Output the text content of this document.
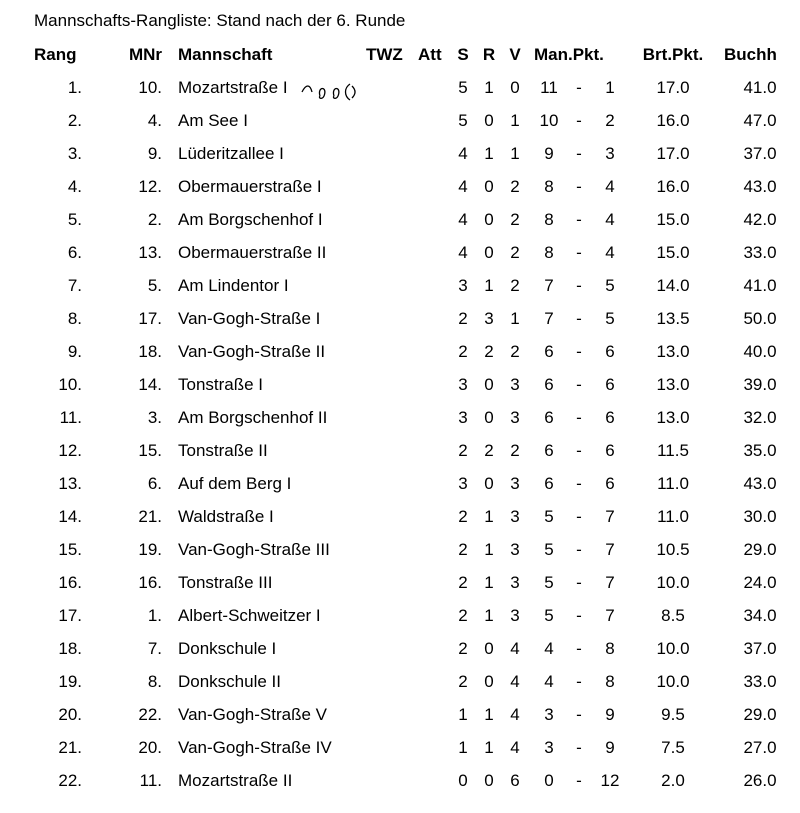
Mannschafts-Rangliste: Stand nach der 6. Runde
Rang	MNr Mannschaft	TWZ Att S R V Man.Pkt.	Brt.Pkt. Buchh
1.	10. Mozartstraße I	5 1 0	11	-	1	17.0	41.0
2.	4. Am See I	5 0 1	10	-	2	16.0	47.0
3.	9. Lüderitzallee I	4 1 1	9	-	3	17.0	37.0
4.	12. Obermauerstraße I	4 0 2	8	-	4	16.0	43.0
5.	2. Am Borgschenhof I	4 0 2	8	-	4	15.0	42.0
6.	13. Obermauerstraße II	4 0 2	8	-	4	15.0	33.0
7.	5. Am Lindentor I	3 1 2	7	-	5	14.0	41.0
8.	17. Van-Gogh-Straße I	2 3 1	7	-	5	13.5	50.0
9.	18. Van-Gogh-Straße II	2 2 2	6	-	6	13.0	40.0
10.	14. Tonstraße I	3 0 3	6	-	6	13.0	39.0
11.	3. Am Borgschenhof II	3 0 3	6	-	6	13.0	32.0
12.	15. Tonstraße II	2 2 2	6	-	6	11.5	35.0
13.	6. Auf dem Berg I	3 0 3	6	-	6	11.0	43.0
14.	21. Waldstraße I	2 1 3	5	-	7	11.0	30.0
15.	19. Van-Gogh-Straße III	2 1 3	5	-	7	10.5	29.0
16.	16. Tonstraße III	2 1 3	5	-	7	10.0	24.0
17.	1. Albert-Schweitzer I	2 1 3	5	-	7	8.5	34.0
18.	7. Donkschule I	2 0 4	4	-	8	10.0	37.0
19.	8. Donkschule II	2 0 4	4	-	8	10.0	33.0
20.	22. Van-Gogh-Straße V	1 1 4	3	-	9	9.5	29.0
21.	20. Van-Gogh-Straße IV	1 1 4	3	-	9	7.5	27.0
22.	11. Mozartstraße II	0 0 6	0	-	12	2.0	26.0
